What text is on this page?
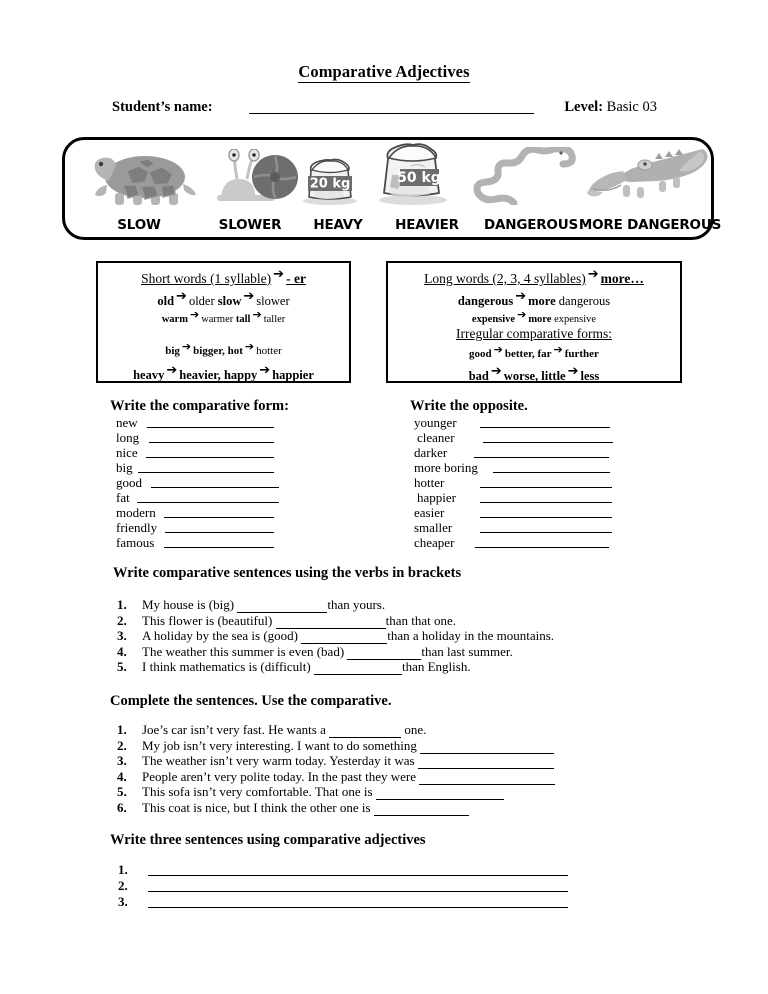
Comparative Adjectives
Student’s name:	Level: Basic 03
20 kg	50 kg
SLOW	SLOWER	HEAVY	HEAVIER	DANGEROUS MORE DANGEROUS
Short words (1 syllable) ➔ - er
old ➔ older slow ➔ slower
warm ➔ warmer tall ➔ taller
big ➔ bigger, hot ➔ hotter
heavy ➔ heavier, happy ➔ happier
Long words (2, 3, 4 syllables) ➔ more…
dangerous ➔ more dangerous
expensive ➔ more expensive
Irregular comparative forms:
good ➔ better, far ➔ further
bad ➔ worse, little ➔ less
Write the comparative form:
new
long
nice
big
good
fat
modern
friendly
famous
Write the opposite.
younger
cleaner
darker
more boring
hotter
happier
easier
smaller
cheaper
Write comparative sentences using the verbs in brackets
1. My house is (big)	than yours.
2. This flower is (beautiful)	than that one.
3. A holiday by the sea is (good)	than a holiday in the mountains.
4. The weather this summer is even (bad)	than last summer.
5. I think mathematics is (difficult)	than English.
Complete the sentences. Use the comparative.
1. Joe’s car isn’t very fast. He wants a	one.
2. My job isn’t very interesting. I want to do something
3. The weather isn’t very warm today. Yesterday it was
4. People aren’t very polite today. In the past they were
5. This sofa isn’t very comfortable. That one is
6. This coat is nice, but I think the other one is
Write three sentences using comparative adjectives
1.
2.
3.
